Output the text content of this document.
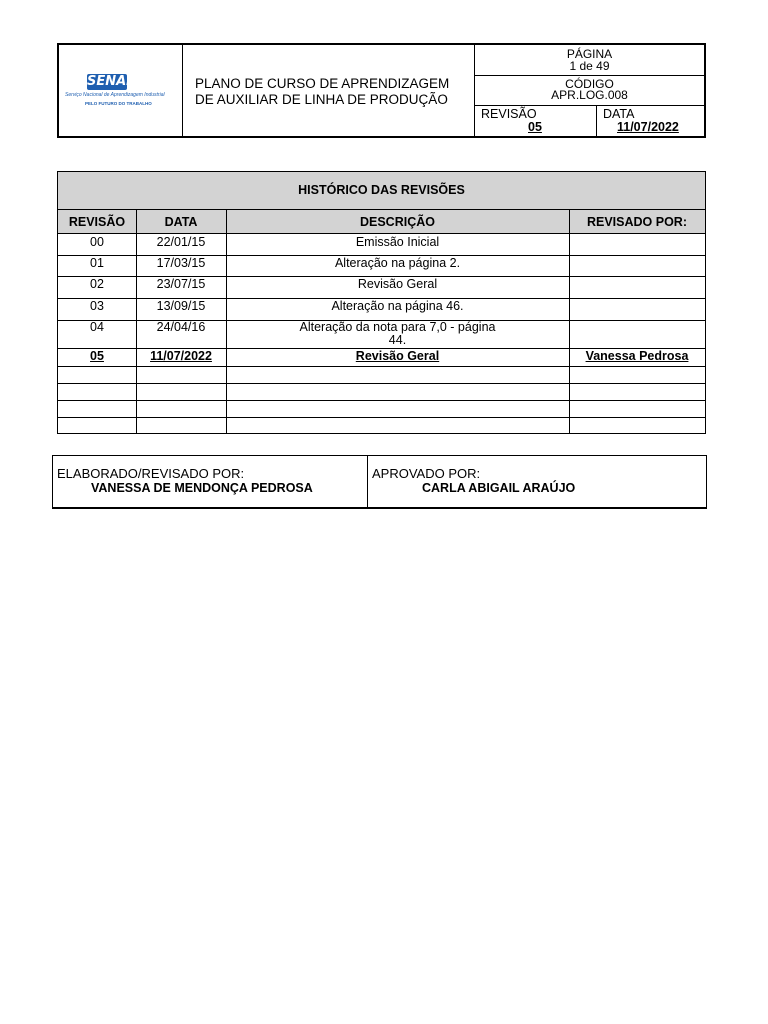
SENAI
Serviço Nacional de Aprendizagem Industrial
PELO FUTURO DO TRABALHO
PLANO DE CURSO DE APRENDIZAGEM
DE AUXILIAR DE LINHA DE PRODUÇÃO
PÁGINA
1 de 49
CÓDIGO
APR.LOG.008
REVISÃO
05
DATA
11/07/2022
HISTÓRICO DAS REVISÕES
REVISÃO	DATA	DESCRIÇÃO	REVISADO POR:
00	22/01/15	Emissão Inicial
01	17/03/15	Alteração na página 2.
02	23/07/15	Revisão Geral
03	13/09/15	Alteração na página 46.
04	24/04/16	Alteração da nota para 7,0 - página
44.
05	11/07/2022	Revisão Geral	Vanessa Pedrosa
ELABORADO/REVISADO POR:
VANESSA DE MENDONÇA PEDROSA
APROVADO POR:
CARLA ABIGAIL ARAÚJO
